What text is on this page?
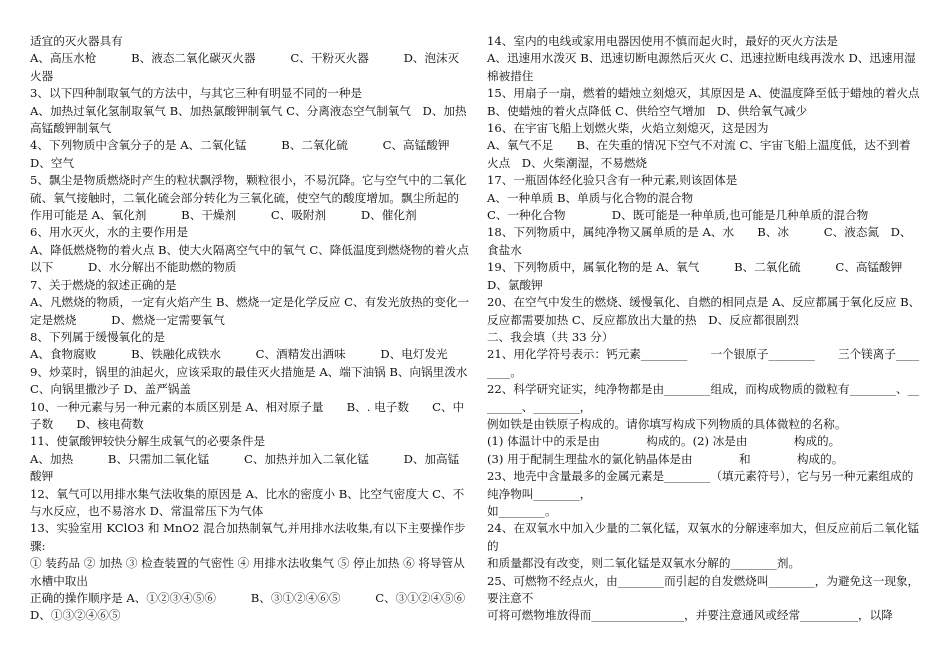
适宜的灭火器具有
A、高压水枪　　　B、液态二氧化碳灭火器　　　C、干粉灭火器　　　D、泡沫灭火器
3、以下四种制取氧气的方法中，与其它三种有明显不同的一种是
A、加热过氧化氢制取氧气 B、加热氯酸钾制氧气 C、分离液态空气制氧气　D、加热高锰酸钾制氧气
4、下列物质中含氧分子的是 A、二氧化锰　　　B、二氧化硫　　　C、高锰酸钾　　　D、空气
5、飘尘是物质燃烧时产生的粒状飘浮物，颗粒很小，不易沉降。它与空气中的二氧化硫、氧气接触时，二氧化硫会部分转化为三氧化硫，使空气的酸度增加。飘尘所起的作用可能是 A、氧化剂　　　B、干燥剂　　　C、吸附剂　　　D、催化剂
6、用水灭火，水的主要作用是
A、降低燃烧物的着火点 B、使大火隔离空气中的氧气 C、降低温度到燃烧物的着火点以下　　　D、水分解出不能助燃的物质
7、关于燃烧的叙述正确的是
A、凡燃烧的物质，一定有火焰产生 B、燃烧一定是化学反应 C、有发光放热的变化一定是燃烧　　　D、燃烧一定需要氧气
8、下列属于缓慢氧化的是
A、食物腐败　　　B、铁融化成铁水　　　C、酒精发出酒味　　　D、电灯发光
9、炒菜时，锅里的油起火，应该采取的最佳灭火措施是 A、端下油锅 B、向锅里泼水　C、向锅里撒沙子 D、盖严锅盖
10、一种元素与另一种元素的本质区别是 A、相对原子量　　B、. 电子数　　C、中子数　　D、核电荷数
11、使氯酸钾较快分解生成氧气的必要条件是
A、加热　　　B、只需加二氧化锰　　　C、加热并加入二氧化锰　　　D、加高锰酸钾
12、氧气可以用排水集气法收集的原因是 A、比水的密度小 B、比空气密度大 C、不与水反应，也不易溶水 D、常温常压下为气体
13、实验室用 KClO3 和 MnO2 混合加热制氧气,并用排水法收集,有以下主要操作步骤:
① 装药品 ② 加热 ③ 检查装置的气密性 ④ 用排水法收集气 ⑤ 停止加热 ⑥ 将导管从水槽中取出
正确的操作顺序是 A、①②③④⑤⑥　　　B、③①②④⑥⑤　　　C、③①②④⑤⑥　D、①③②④⑥⑤
14、室内的电线或家用电器因使用不慎而起火时，最好的灭火方法是
A、迅速用水泼灭 B、迅速切断电源然后灭火 C、迅速拉断电线再泼水 D、迅速用湿棉被措住
15、用扇子一扇，燃着的蜡烛立刻熄灭，其原因是 A、使温度降至低于蜡烛的着火点 B、使蜡烛的着火点降低 C、供给空气增加　D、供给氧气减少
16、在宇宙飞船上划燃火柴，火焰立刻熄灭，这是因为
A、氧气不足　　B、在失重的情况下空气不对流 C、宇宙飞船上温度低，达不到着火点　D、火柴潮湿，不易燃烧
17、一瓶固体经化验只含有一种元素,则该固体是
A、一种单质 B、单质与化合物的混合物
C、一种化合物　　　　D、既可能是一种单质,也可能是几种单质的混合物
18、下列物质中，属纯净物又属单质的是 A、水　　B、冰　　　C、液态氮　D、食盐水
19、下列物质中，属氧化物的是 A、氧气　　　B、二氧化硫　　　C、高锰酸钾　D、氯酸钾
20、在空气中发生的燃烧、缓慢氧化、自燃的相同点是 A、反应都属于氧化反应 B、反应都需要加热 C、反应都放出大量的热　D、反应都很剧烈
二、我会填（共 33 分）
21、用化学符号表示：钙元素________　　一个银原子________　　三个镁离子________。
22、科学研究证实，纯净物都是由________组成，而构成物质的微粒有________、________、________，
例如铁是由铁原子构成的。请你填写构成下列物质的具体微粒的名称。
(1) 体温计中的汞是由　　　　构成的。(2) 冰是由　　　　构成的。
(3) 用于配制生理盐水的氯化钠晶体是由　　　　和　　　　构成的。
23、地壳中含量最多的金属元素是________（填元素符号），它与另一种元素组成的纯净物叫________，
如________。
24、在双氧水中加入少量的二氧化锰，双氧水的分解速率加大，但反应前后二氧化锰的
和质量都没有改变，则二氧化锰是双氧水分解的________剂。
25、可燃物不经点火，由________而引起的自发燃烧叫________，为避免这一现象，要注意不
可将可燃物堆放得而________________，并要注意通风或经常__________，以降
